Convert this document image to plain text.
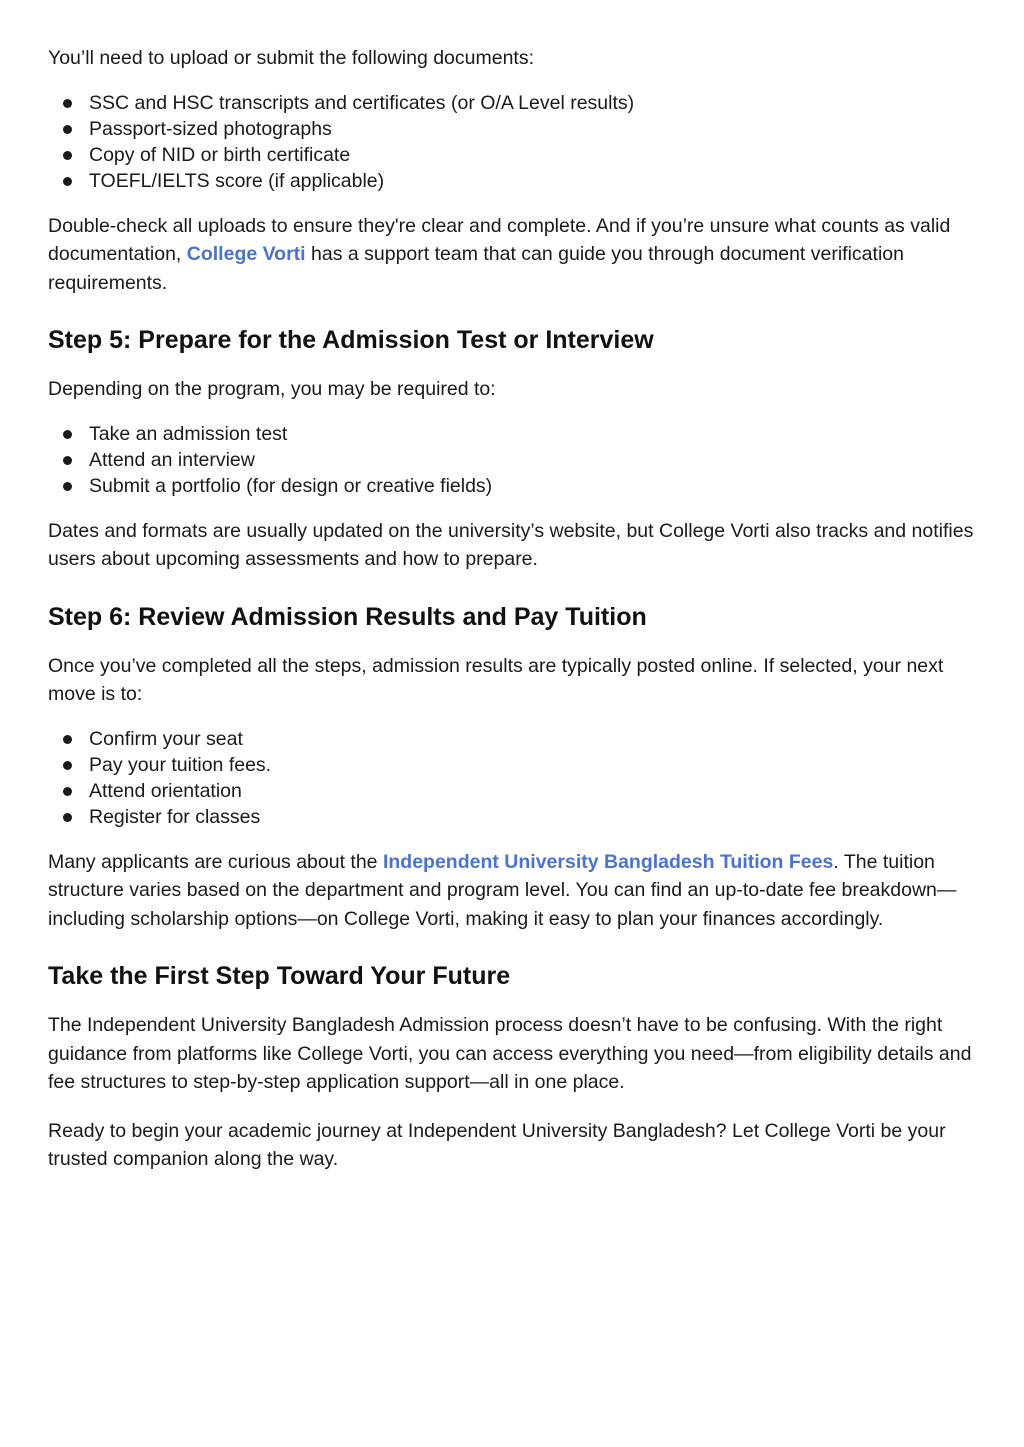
You’ll need to upload or submit the following documents:

SSC and HSC transcripts and certificates (or O/A Level results)
Passport-sized photographs
Copy of NID or birth certificate
TOEFL/IELTS score (if applicable)

Double-check all uploads to ensure they're clear and complete. And if you’re unsure what counts as valid documentation, College Vorti has a support team that can guide you through document verification requirements.

Step 5: Prepare for the Admission Test or Interview

Depending on the program, you may be required to:

Take an admission test
Attend an interview
Submit a portfolio (for design or creative fields)

Dates and formats are usually updated on the university’s website, but College Vorti also tracks and notifies users about upcoming assessments and how to prepare.

Step 6: Review Admission Results and Pay Tuition

Once you’ve completed all the steps, admission results are typically posted online. If selected, your next move is to:

Confirm your seat
Pay your tuition fees.
Attend orientation
Register for classes

Many applicants are curious about the Independent University Bangladesh Tuition Fees. The tuition structure varies based on the department and program level. You can find an up-to-date fee breakdown—including scholarship options—on College Vorti, making it easy to plan your finances accordingly.

Take the First Step Toward Your Future

The Independent University Bangladesh Admission process doesn’t have to be confusing. With the right guidance from platforms like College Vorti, you can access everything you need—from eligibility details and fee structures to step-by-step application support—all in one place.

Ready to begin your academic journey at Independent University Bangladesh? Let College Vorti be your trusted companion along the way.
